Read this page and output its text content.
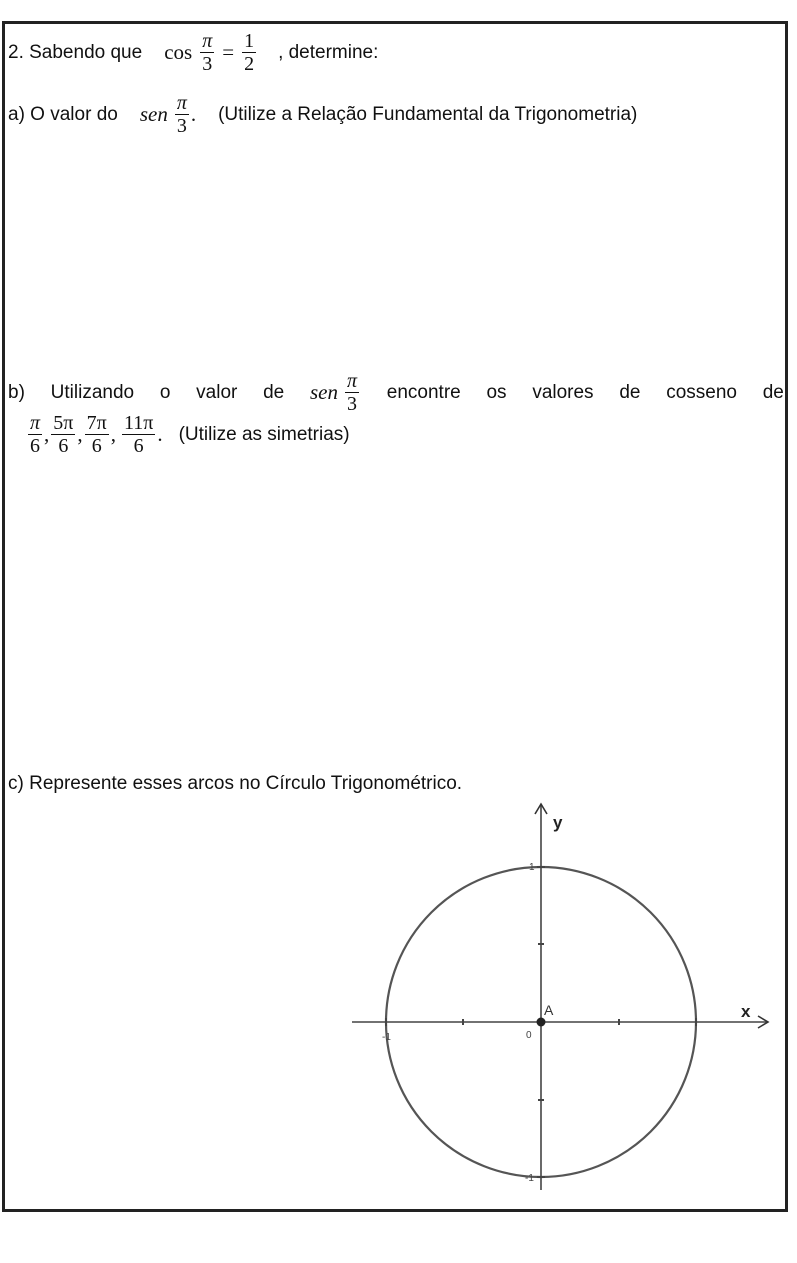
2. Sabendo que $\cos \frac{\pi}{3} = \frac{1}{2}$ , determine:
a) O valor do sen $\frac{\pi}{3}$ . (Utilize a Relação Fundamental da Trigonometria)
b) Utilizando o valor de sen $\frac{\pi}{3}$ encontre os valores de cosseno de
$\frac{\pi}{6}$ , $\frac{5\pi}{6}$ , $\frac{7\pi}{6}$ , $\frac{11\pi}{6}$ . (Utilize as simetrias)
c) Represente esses arcos no Círculo Trigonométrico.
y
x
A
0
1
-1
-1
